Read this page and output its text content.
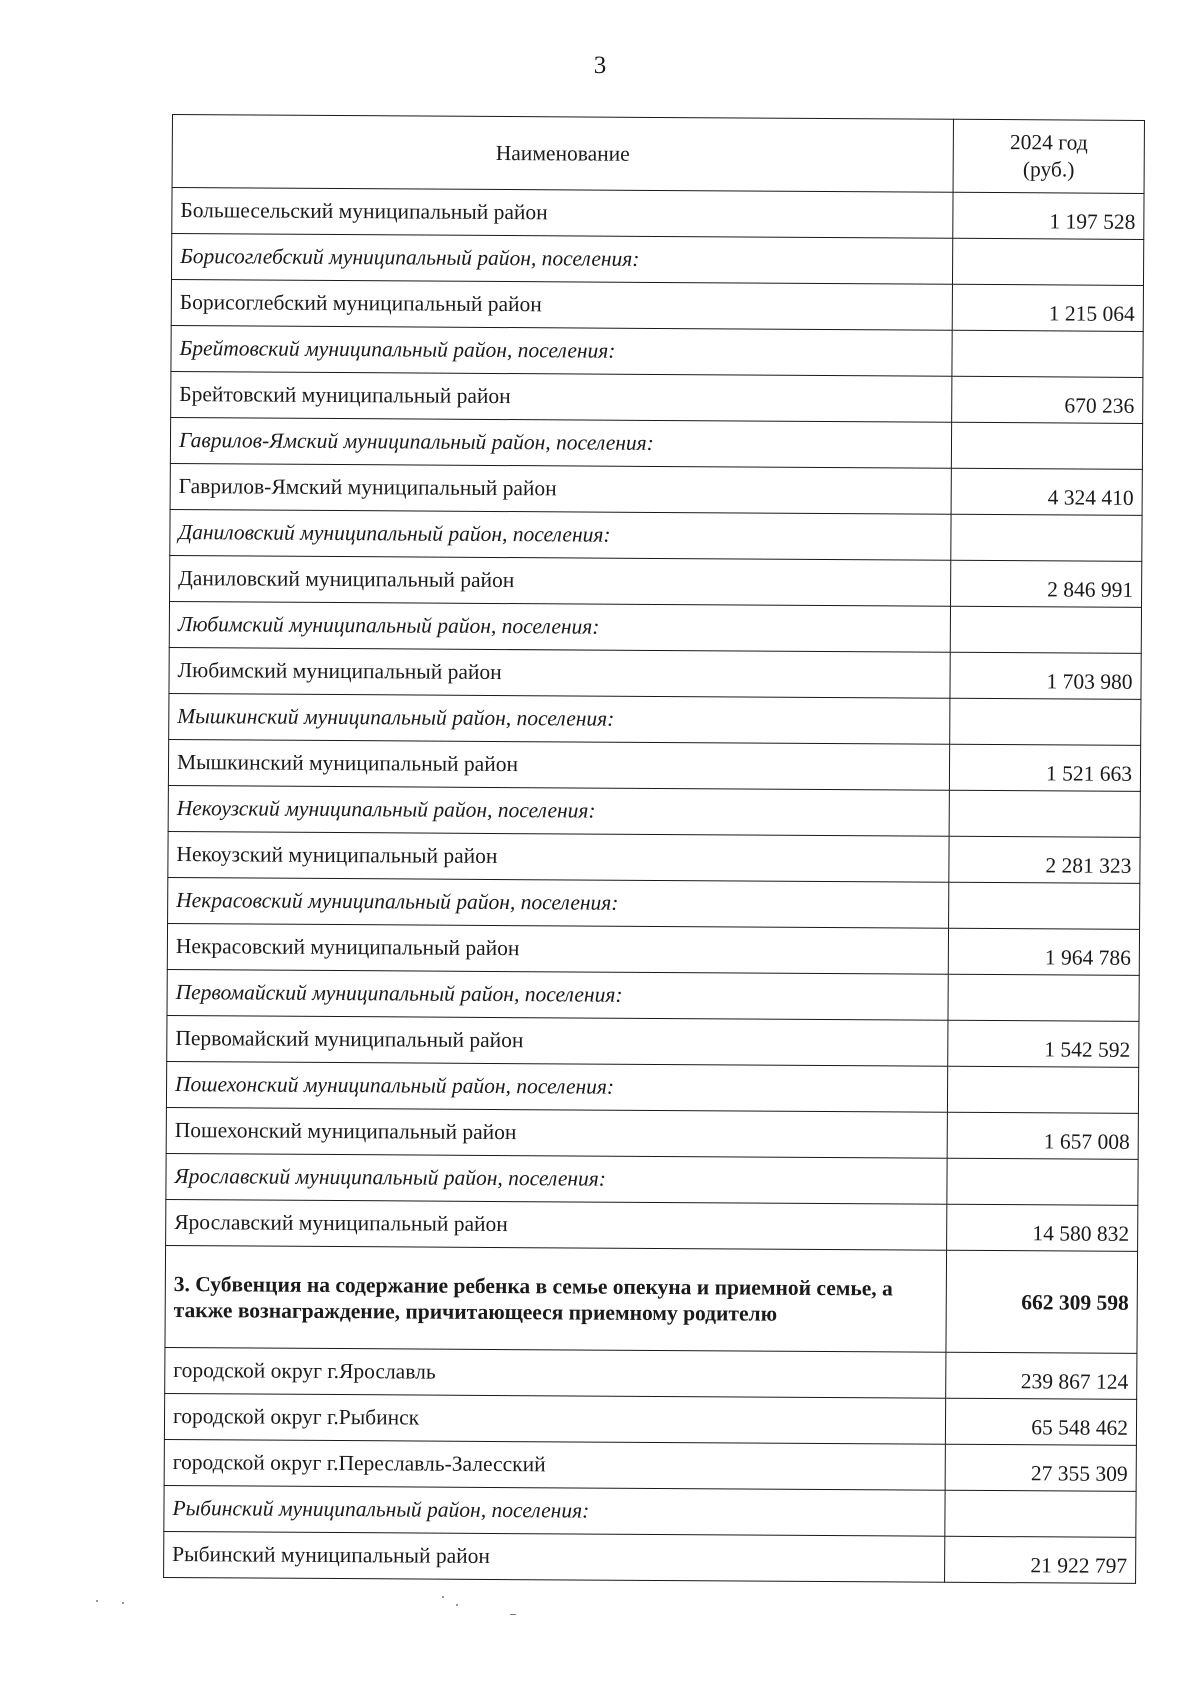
3
Наименование	2024 год
(руб.)

Большесельский муниципальный район	1 197 528
Борисоглебский муниципальный район, поселения:	
Борисоглебский муниципальный район	1 215 064
Брейтовский муниципальный район, поселения:	
Брейтовский муниципальный район	670 236
Гаврилов-Ямский муниципальный район, поселения:	
Гаврилов-Ямский муниципальный район	4 324 410
Даниловский муниципальный район, поселения:	
Даниловский муниципальный район	2 846 991
Любимский муниципальный район, поселения:	
Любимский муниципальный район	1 703 980
Мышкинский муниципальный район, поселения:	
Мышкинский муниципальный район	1 521 663
Некоузский муниципальный район, поселения:	
Некоузский муниципальный район	2 281 323
Некрасовский муниципальный район, поселения:	
Некрасовский муниципальный район	1 964 786
Первомайский муниципальный район, поселения:	
Первомайский муниципальный район	1 542 592
Пошехонский муниципальный район, поселения:	
Пошехонский муниципальный район	1 657 008
Ярославский муниципальный район, поселения:	
Ярославский муниципальный район	14 580 832
3. Субвенция на содержание ребенка в семье опекуна и приемной семье, а также вознаграждение, причитающееся приемному родителю	662 309 598
городской округ г.Ярославль	239 867 124
городской округ г.Рыбинск	65 548 462
городской округ г.Переславль-Залесский	27 355 309
Рыбинский муниципальный район, поселения:	
Рыбинский муниципальный район	21 922 797
